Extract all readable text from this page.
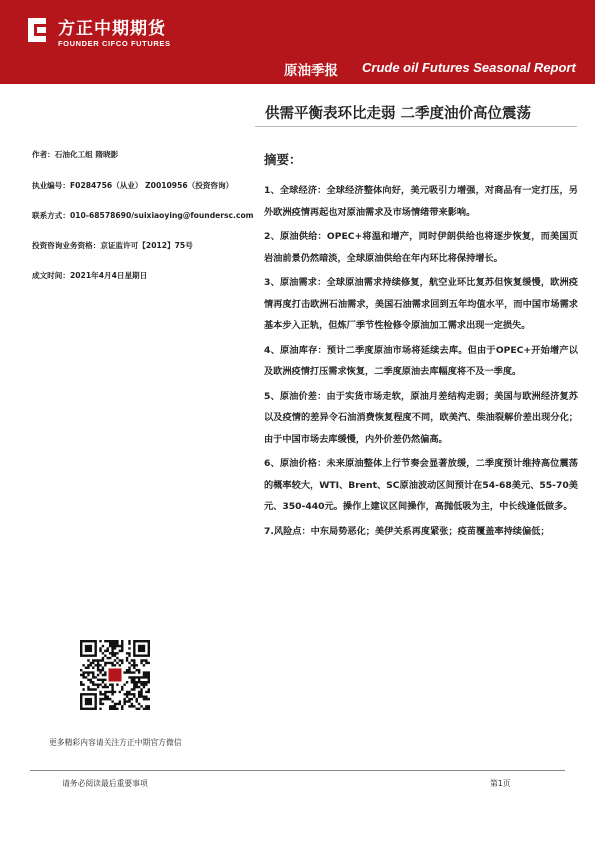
方正中期期货
FOUNDER CIFCO FUTURES
原油季报 Crude oil Futures Seasonal Report
供需平衡表环比走弱 二季度油价高位震荡
作者：石油化工组 隋晓影
执业编号：F0284756（从业） Z0010956（投资咨询）
联系方式：010-68578690/suixiaoying@foundersc.com
投资咨询业务资格：京证监许可【2012】75号
成文时间：2021年4月4日星期日
摘要：

1、全球经济：全球经济整体向好，美元吸引力增强，对商品有一定打压，另外欧洲疫情再起也对原油需求及市场情绪带来影响。

2、原油供给：OPEC+将温和增产，同时伊朗供给也将逐步恢复，而美国页岩油前景仍然暗淡，全球原油供给在年内环比将保持增长。

3、原油需求：全球原油需求持续修复，航空业环比复苏但恢复缓慢，欧洲疫情再度打击欧洲石油需求，美国石油需求回到五年均值水平，而中国市场需求基本步入正轨，但炼厂季节性检修令原油加工需求出现一定损失。

4、原油库存：预计二季度原油市场将延续去库。但由于OPEC+开始增产以及欧洲疫情打压需求恢复，二季度原油去库幅度将不及一季度。

5、原油价差：由于实货市场走软，原油月差结构走弱；美国与欧洲经济复苏以及疫情的差异令石油消费恢复程度不同，欧美汽、柴油裂解价差出现分化；由于中国市场去库缓慢，内外价差仍然偏高。

6、原油价格：未来原油整体上行节奏会显著放缓，二季度预计维持高位震荡的概率较大，WTI、Brent、SC原油波动区间预计在54-68美元、55-70美元、350-440元。操作上建议区间操作，高抛低吸为主，中长线逢低做多。

7.风险点：中东局势恶化；美伊关系再度紧张；疫苗覆盖率持续偏低；

更多精彩内容请关注方正中期官方微信
请务必阅读最后重要事项	第1页
